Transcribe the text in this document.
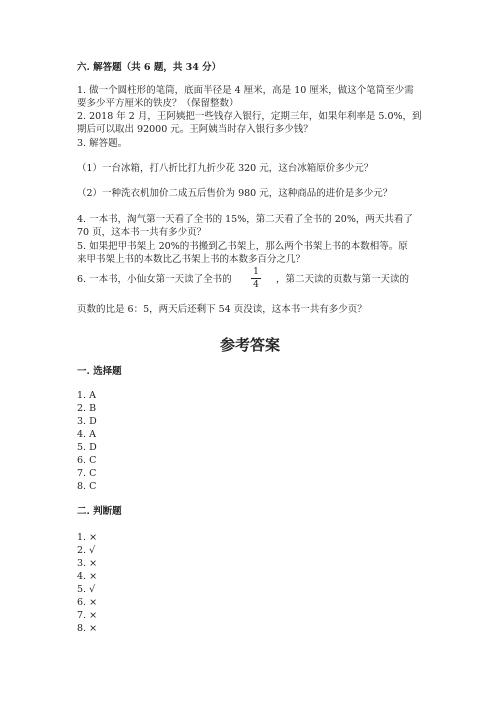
六. 解答题（共 6 题，共 34 分）
1. 做一个圆柱形的笔筒，底面半径是 4 厘米，高是 10 厘米，做这个笔筒至少需
要多少平方厘米的铁皮？（保留整数）
2. 2018 年 2 月，王阿姨把一些钱存入银行，定期三年，如果年利率是 5.0%，到
期后可以取出 92000 元。王阿姨当时存入银行多少钱？
3. 解答题。
（1）一台冰箱，打八折比打九折少花 320 元，这台冰箱原价多少元？
（2）一种洗衣机加价二成五后售价为 980 元，这种商品的进价是多少元？
4. 一本书，淘气第一天看了全书的 15%，第二天看了全书的 20%，两天共看了
70 页，这本书一共有多少页？
5. 如果把甲书架上 20%的书搬到乙书架上，那么两个书架上书的本数相等。原
来甲书架上书的本数比乙书架上书的本数多百分之几？
6. 一本书，小仙女第一天读了全书的
1
4	，第二天读的页数与第一天读的
页数的比是 6：5，两天后还剩下 54 页没读，这本书一共有多少页？
参考答案
一. 选择题
1. A
2. B
3. D
4. A
5. D
6. C
7. C
8. C
二. 判断题
1. ×
2. √
3. ×
4. ×
5. √
6. ×
7. ×
8. ×
